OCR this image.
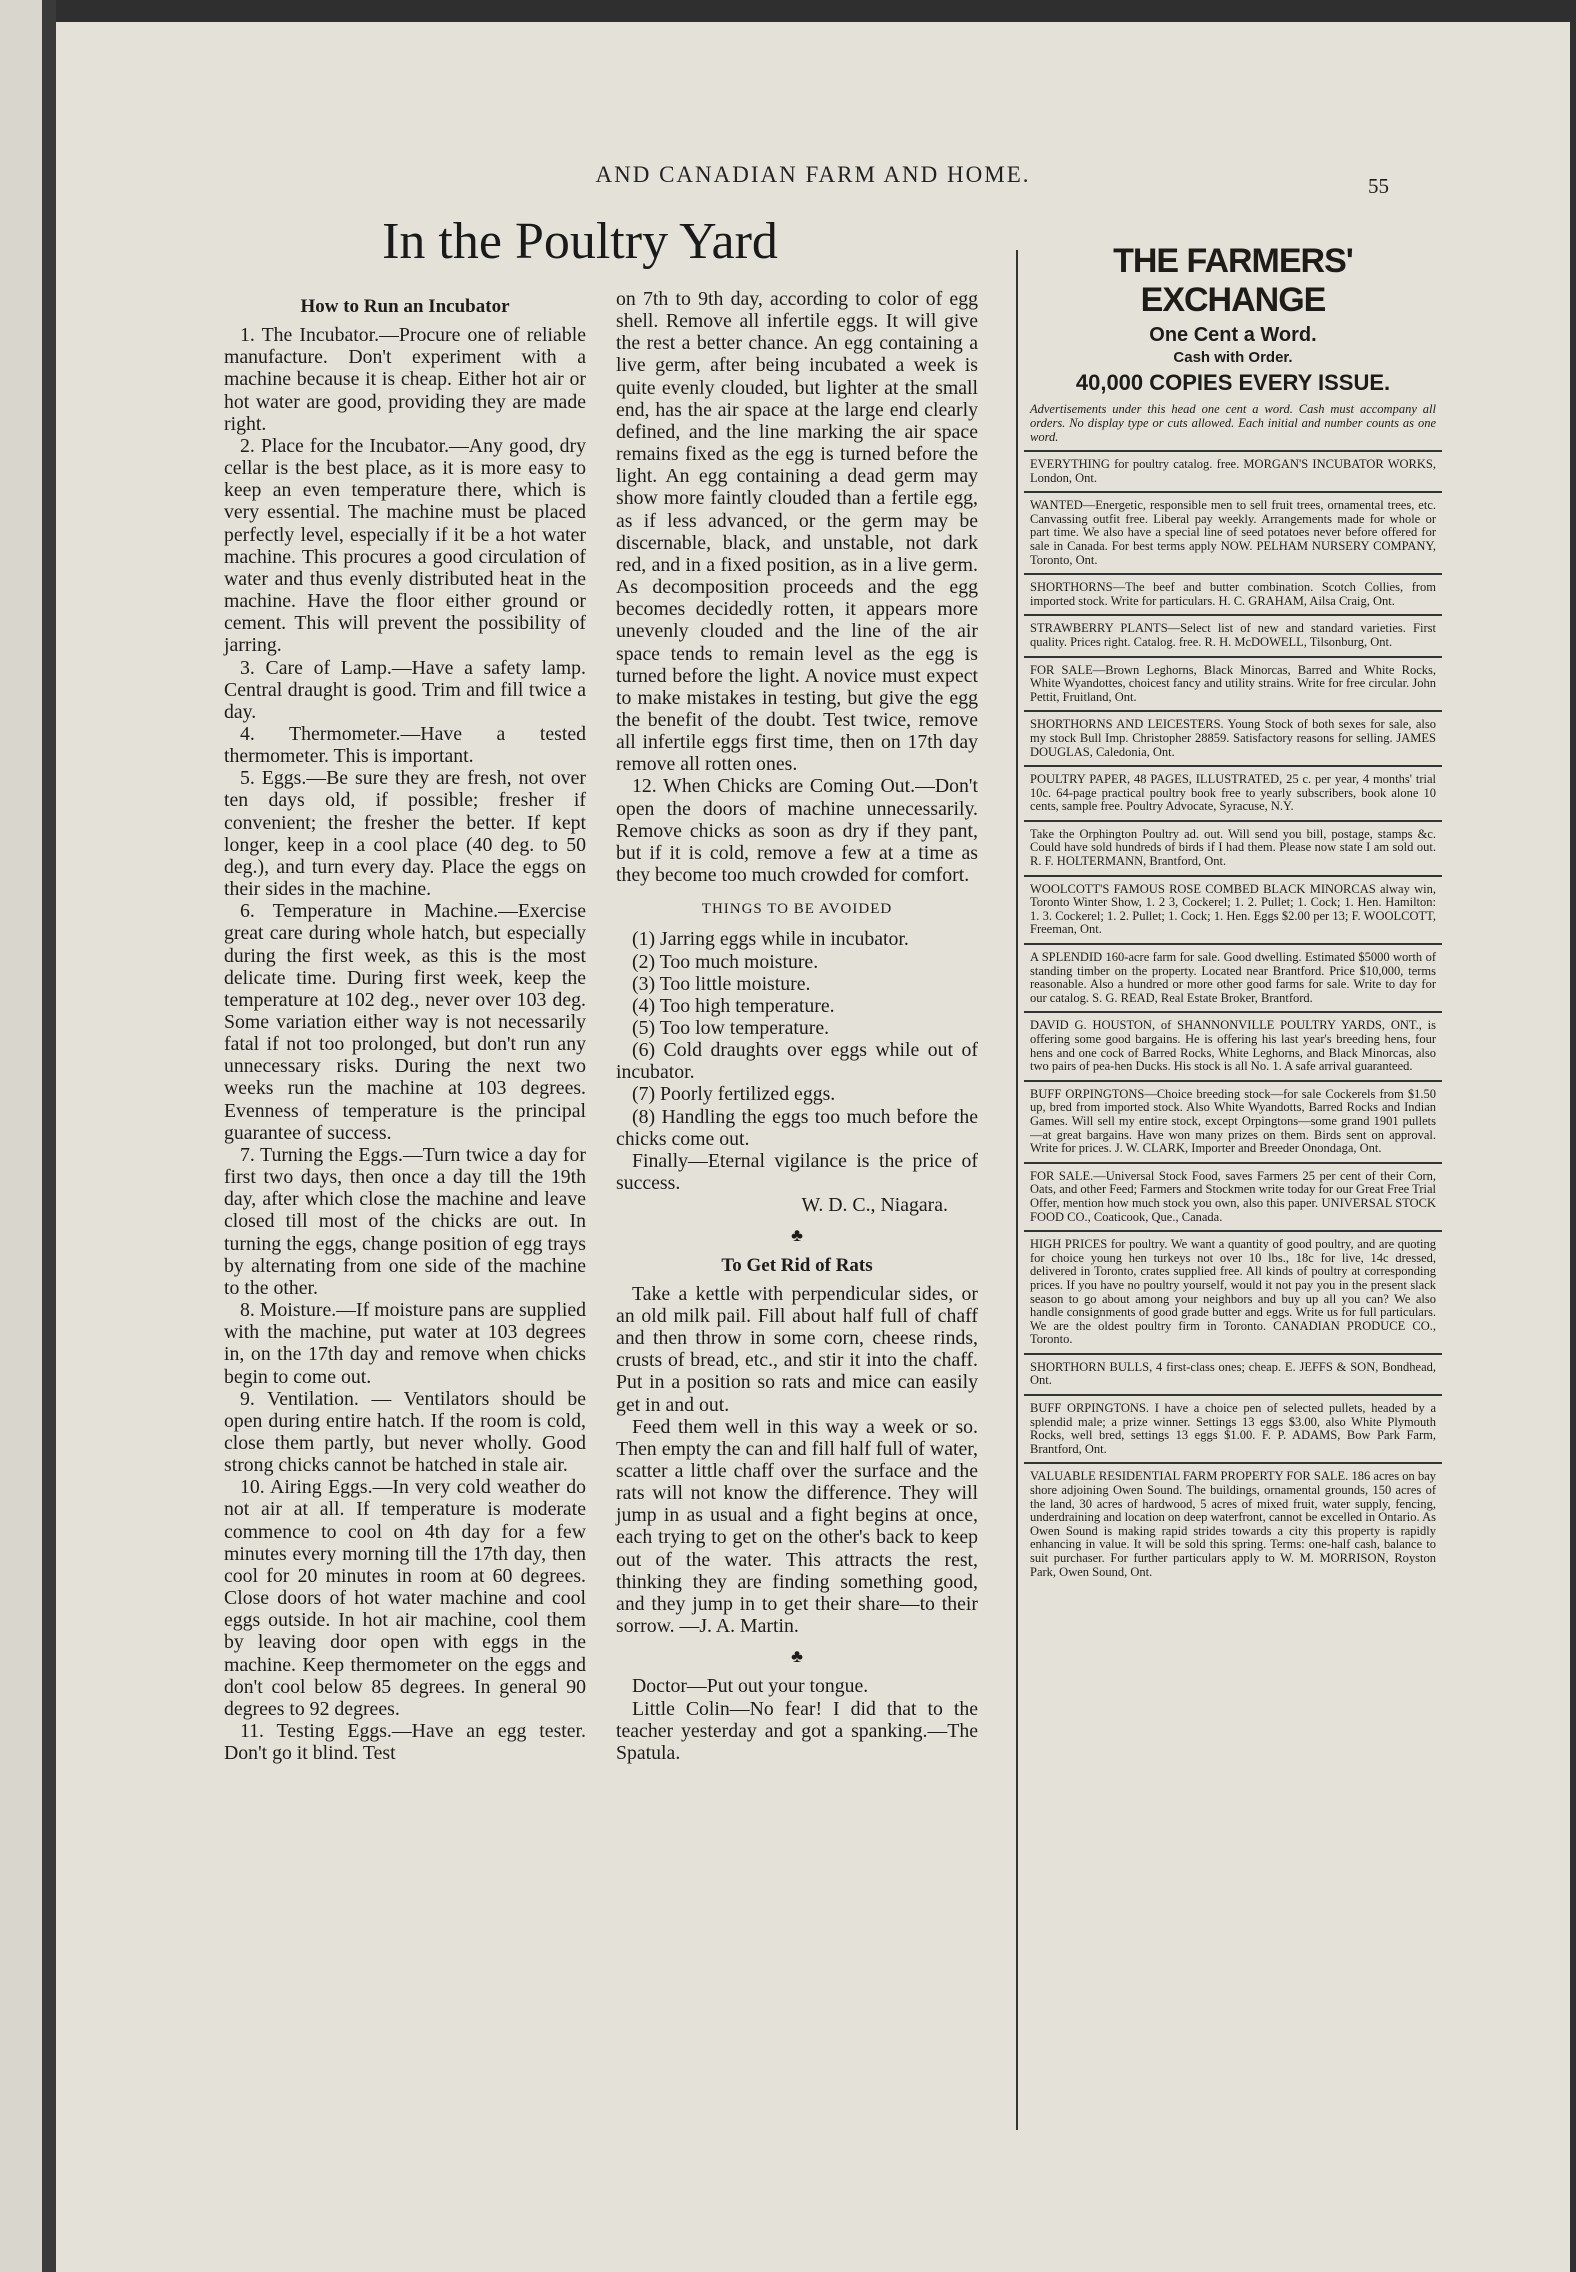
AND CANADIAN FARM AND HOME.	55
In the Poultry Yard

How to Run an Incubator

1. The Incubator.—Procure one of reliable manufacture. Don't experiment with a machine because it is cheap. Either hot air or hot water are good, providing they are made right.

2. Place for the Incubator.—Any good, dry cellar is the best place, as it is more easy to keep an even temperature there, which is very essential. The machine must be placed perfectly level, especially if it be a hot water machine. This procures a good circulation of water and thus evenly distributed heat in the machine. Have the floor either ground or cement. This will prevent the possibility of jarring.

3. Care of Lamp.—Have a safety lamp. Central draught is good. Trim and fill twice a day.

4. Thermometer.—Have a tested thermometer. This is important.

5. Eggs.—Be sure they are fresh, not over ten days old, if possible; fresher if convenient; the fresher the better. If kept longer, keep in a cool place (40 deg. to 50 deg.), and turn every day. Place the eggs on their sides in the machine.

6. Temperature in Machine.—Exercise great care during whole hatch, but especially during the first week, as this is the most delicate time. During first week, keep the temperature at 102 deg., never over 103 deg. Some variation either way is not necessarily fatal if not too prolonged, but don't run any unnecessary risks. During the next two weeks run the machine at 103 degrees. Evenness of temperature is the principal guarantee of success.

7. Turning the Eggs.—Turn twice a day for first two days, then once a day till the 19th day, after which close the machine and leave closed till most of the chicks are out. In turning the eggs, change position of egg trays by alternating from one side of the machine to the other.

8. Moisture.—If moisture pans are supplied with the machine, put water at 103 degrees in, on the 17th day and remove when chicks begin to come out.

9. Ventilation. — Ventilators should be open during entire hatch. If the room is cold, close them partly, but never wholly. Good strong chicks cannot be hatched in stale air.

10. Airing Eggs.—In very cold weather do not air at all. If temperature is moderate commence to cool on 4th day for a few minutes every morning till the 17th day, then cool for 20 minutes in room at 60 degrees. Close doors of hot water machine and cool eggs outside. In hot air machine, cool them by leaving door open with eggs in the machine. Keep thermometer on the eggs and don't cool below 85 degrees. In general 90 degrees to 92 degrees.

11. Testing Eggs.—Have an egg tester. Don't go it blind. Test

on 7th to 9th day, according to color of egg shell. Remove all infertile eggs. It will give the rest a better chance. An egg containing a live germ, after being incubated a week is quite evenly clouded, but lighter at the small end, has the air space at the large end clearly defined, and the line marking the air space remains fixed as the egg is turned before the light. An egg containing a dead germ may show more faintly clouded than a fertile egg, as if less advanced, or the germ may be discernable, black, and unstable, not dark red, and in a fixed position, as in a live germ. As decomposition proceeds and the egg becomes decidedly rotten, it appears more unevenly clouded and the line of the air space tends to remain level as the egg is turned before the light. A novice must expect to make mistakes in testing, but give the egg the benefit of the doubt. Test twice, remove all infertile eggs first time, then on 17th day remove all rotten ones.

12. When Chicks are Coming Out.—Don't open the doors of machine unnecessarily. Remove chicks as soon as dry if they pant, but if it is cold, remove a few at a time as they become too much crowded for comfort.

THINGS TO BE AVOIDED

(1) Jarring eggs while in incubator.

(2) Too much moisture.

(3) Too little moisture.

(4) Too high temperature.

(5) Too low temperature.

(6) Cold draughts over eggs while out of incubator.

(7) Poorly fertilized eggs.

(8) Handling the eggs too much before the chicks come out.

Finally—Eternal vigilance is the price of success.

W. D. C., Niagara.

♣

To Get Rid of Rats

Take a kettle with perpendicular sides, or an old milk pail. Fill about half full of chaff and then throw in some corn, cheese rinds, crusts of bread, etc., and stir it into the chaff. Put in a position so rats and mice can easily get in and out.

Feed them well in this way a week or so. Then empty the can and fill half full of water, scatter a little chaff over the surface and the rats will not know the difference. They will jump in as usual and a fight begins at once, each trying to get on the other's back to keep out of the water. This attracts the rest, thinking they are finding something good, and they jump in to get their share—to their sorrow. —J. A. Martin.

♣

Doctor—Put out your tongue.

Little Colin—No fear! I did that to the teacher yesterday and got a spanking.—The Spatula.

THE FARMERS' EXCHANGE
One Cent a Word.
Cash with Order.
40,000 COPIES EVERY ISSUE.
Advertisements under this head one cent a word. Cash must accompany all orders. No display type or cuts allowed. Each initial and number counts as one word.
EVERYTHING for poultry catalog. free. MORGAN'S INCUBATOR WORKS, London, Ont.
WANTED—Energetic, responsible men to sell fruit trees, ornamental trees, etc. Canvassing outfit free. Liberal pay weekly. Arrangements made for whole or part time. We also have a special line of seed potatoes never before offered for sale in Canada. For best terms apply NOW. PELHAM NURSERY COMPANY, Toronto, Ont.
SHORTHORNS—The beef and butter combination. Scotch Collies, from imported stock. Write for particulars. H. C. GRAHAM, Ailsa Craig, Ont.
STRAWBERRY PLANTS—Select list of new and standard varieties. First quality. Prices right. Catalog. free. R. H. McDOWELL, Tilsonburg, Ont.
FOR SALE—Brown Leghorns, Black Minorcas, Barred and White Rocks, White Wyandottes, choicest fancy and utility strains. Write for free circular. John Pettit, Fruitland, Ont.
SHORTHORNS AND LEICESTERS. Young Stock of both sexes for sale, also my stock Bull Imp. Christopher 28859. Satisfactory reasons for selling. JAMES DOUGLAS, Caledonia, Ont.
POULTRY PAPER, 48 PAGES, ILLUSTRATED, 25 c. per year, 4 months' trial 10c. 64-page practical poultry book free to yearly subscribers, book alone 10 cents, sample free. Poultry Advocate, Syracuse, N.Y.
Take the Orphington Poultry ad. out. Will send you bill, postage, stamps &c. Could have sold hundreds of birds if I had them. Please now state I am sold out. R. F. HOLTERMANN, Brantford, Ont.
WOOLCOTT'S FAMOUS ROSE COMBED BLACK MINORCAS alway win, Toronto Winter Show, 1. 2 3, Cockerel; 1. 2. Pullet; 1. Cock; 1. Hen. Hamilton: 1. 3. Cockerel; 1. 2. Pullet; 1. Cock; 1. Hen. Eggs $2.00 per 13; F. WOOLCOTT, Freeman, Ont.
A SPLENDID 160-acre farm for sale. Good dwelling. Estimated $5000 worth of standing timber on the property. Located near Brantford. Price $10,000, terms reasonable. Also a hundred or more other good farms for sale. Write to day for our catalog. S. G. READ, Real Estate Broker, Brantford.
DAVID G. HOUSTON, of SHANNONVILLE POULTRY YARDS, ONT., is offering some good bargains. He is offering his last year's breeding hens, four hens and one cock of Barred Rocks, White Leghorns, and Black Minorcas, also two pairs of pea-hen Ducks. His stock is all No. 1. A safe arrival guaranteed.
BUFF ORPINGTONS—Choice breeding stock—for sale Cockerels from $1.50 up, bred from imported stock. Also White Wyandotts, Barred Rocks and Indian Games. Will sell my entire stock, except Orpingtons—some grand 1901 pullets—at great bargains. Have won many prizes on them. Birds sent on approval. Write for prices. J. W. CLARK, Importer and Breeder Onondaga, Ont.
FOR SALE.—Universal Stock Food, saves Farmers 25 per cent of their Corn, Oats, and other Feed; Farmers and Stockmen write today for our Great Free Trial Offer, mention how much stock you own, also this paper. UNIVERSAL STOCK FOOD CO., Coaticook, Que., Canada.
HIGH PRICES for poultry. We want a quantity of good poultry, and are quoting for choice young hen turkeys not over 10 lbs., 18c for live, 14c dressed, delivered in Toronto, crates supplied free. All kinds of poultry at corresponding prices. If you have no poultry yourself, would it not pay you in the present slack season to go about among your neighbors and buy up all you can? We also handle consignments of good grade butter and eggs. Write us for full particulars. We are the oldest poultry firm in Toronto. CANADIAN PRODUCE CO., Toronto.
SHORTHORN BULLS, 4 first-class ones; cheap. E. JEFFS & SON, Bondhead, Ont.
BUFF ORPINGTONS. I have a choice pen of selected pullets, headed by a splendid male; a prize winner. Settings 13 eggs $3.00, also White Plymouth Rocks, well bred, settings 13 eggs $1.00. F. P. ADAMS, Bow Park Farm, Brantford, Ont.
VALUABLE RESIDENTIAL FARM PROPERTY FOR SALE. 186 acres on bay shore adjoining Owen Sound. The buildings, ornamental grounds, 150 acres of the land, 30 acres of hardwood, 5 acres of mixed fruit, water supply, fencing, underdraining and location on deep waterfront, cannot be excelled in Ontario. As Owen Sound is making rapid strides towards a city this property is rapidly enhancing in value. It will be sold this spring. Terms: one-half cash, balance to suit purchaser. For further particulars apply to W. M. MORRISON, Royston Park, Owen Sound, Ont.
